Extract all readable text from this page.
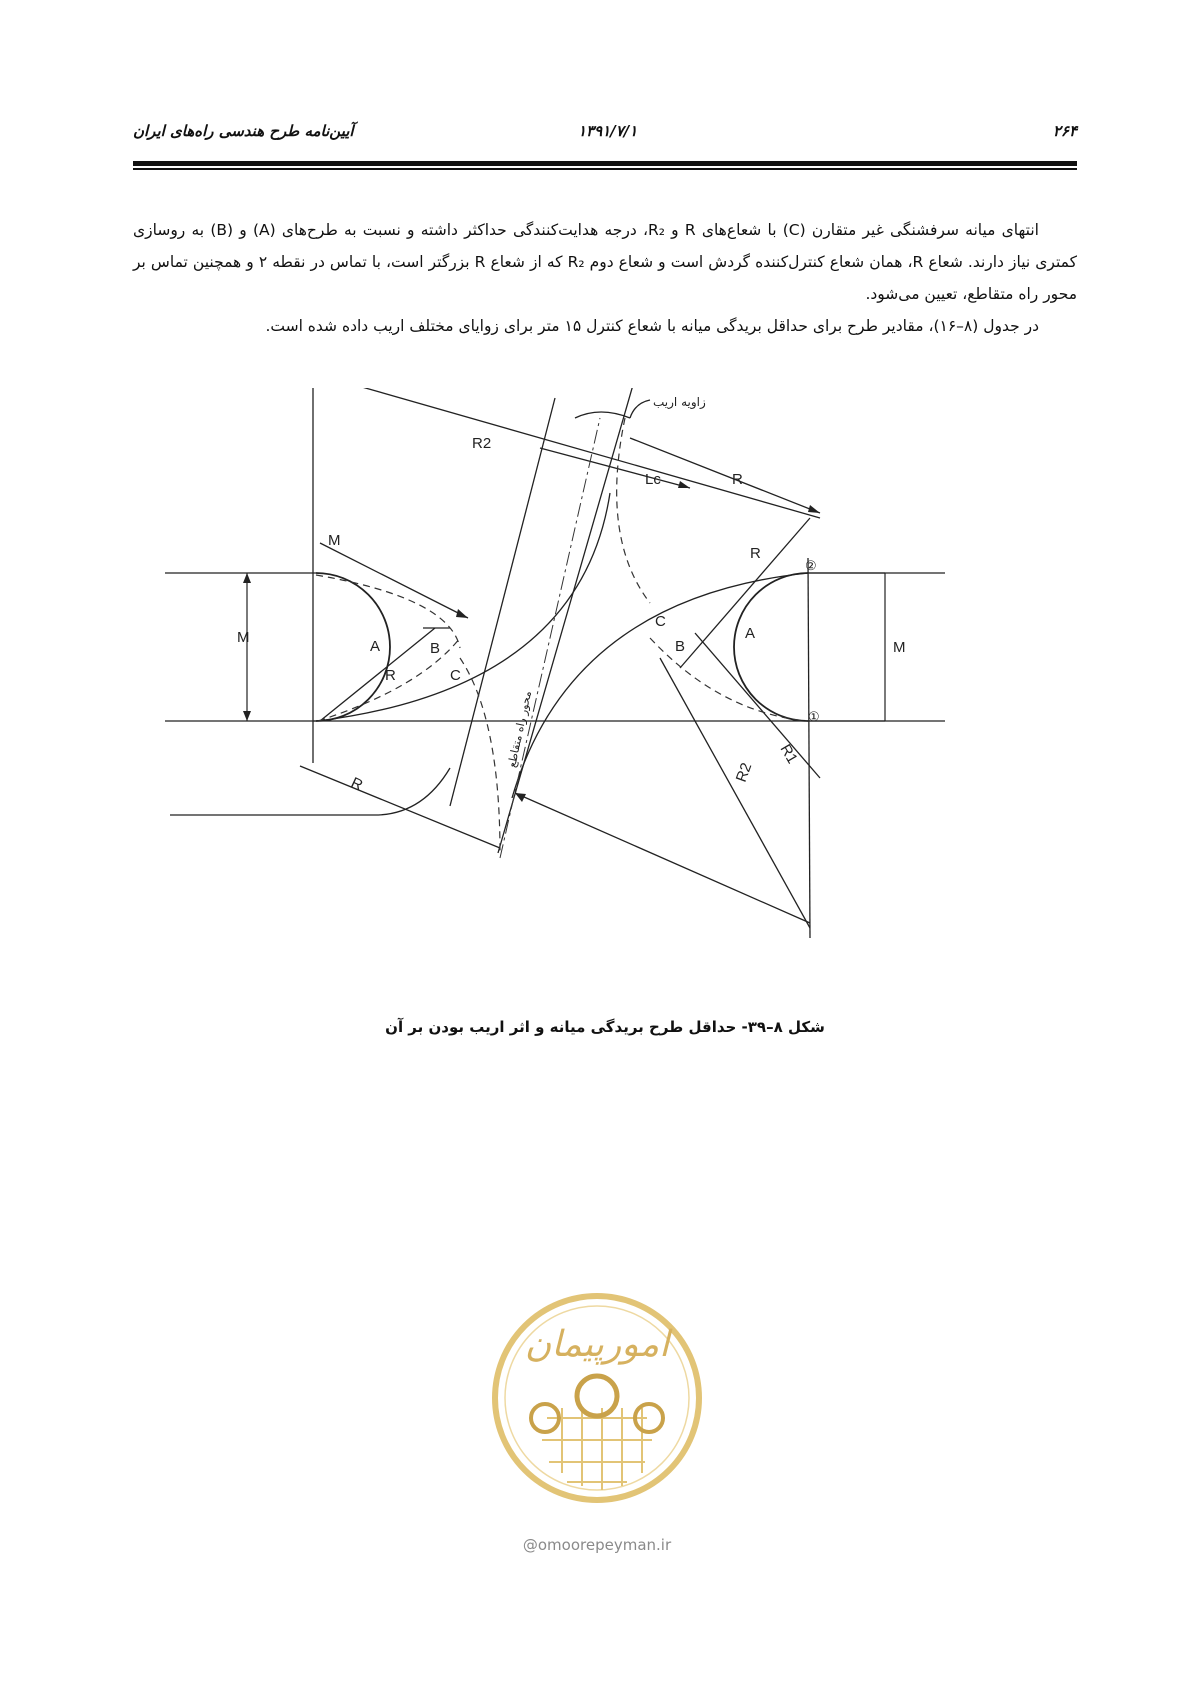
۲۶۴
۱۳۹۱/۷/۱
آیین‌نامه طرح هندسی راه‌های ایران

انتهای میانه سرفشنگی غیر متقارن (C) با شعاع‌های R و R₂، درجه هدایت‌کنندگی حداکثر داشته و نسبت به طرح‌های (A) و (B) به روسازی کمتری نیاز دارند. شعاع R، همان شعاع کنترل‌کننده گردش است و شعاع دوم R₂ که از شعاع R بزرگتر است، با تماس در نقطه ۲ و همچنین تماس بر محور راه متقاطع، تعیین می‌شود.

در جدول (۸–۱۶)، مقادیر طرح برای حداقل بریدگی میانه با شعاع کنترل ۱۵ متر برای زوایای مختلف اریب داده شده است.

زاویه اریب
R2
Lc	R
M
R
M
A	B
R	C
C
A
B	M
②
①
R1
R2
R
محور راه متقاطع
شکل ۸–۳۹- حداقل طرح بریدگی میانه و اثر اریب بودن بر آن
امورپیمان
@omoorepeyman.ir
